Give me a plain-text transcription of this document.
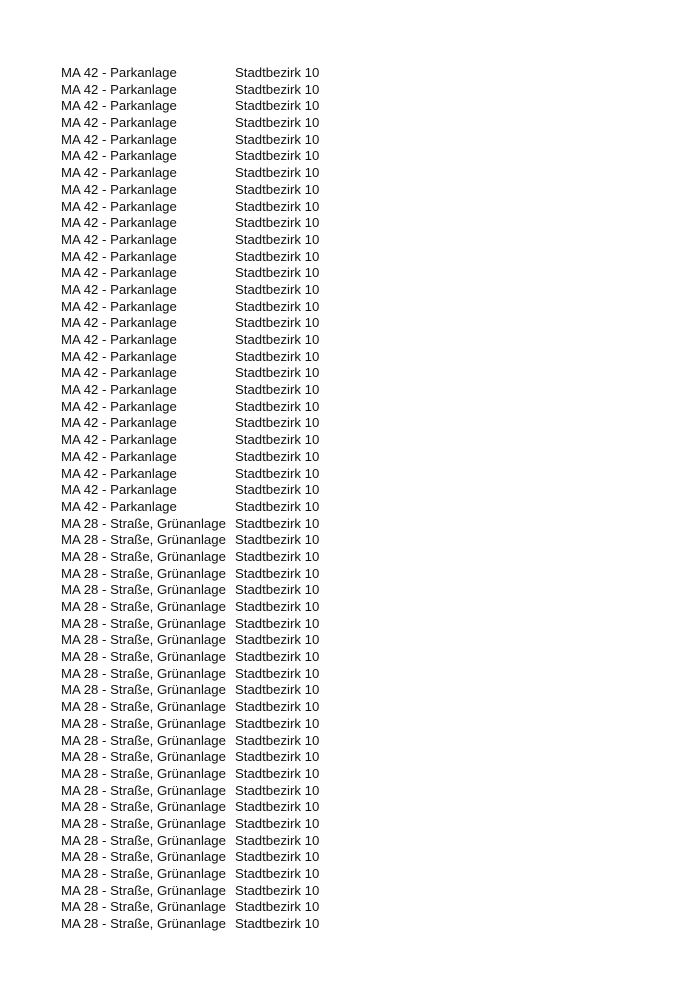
MA 42 - Parkanlage	Stadtbezirk 10
MA 42 - Parkanlage	Stadtbezirk 10
MA 42 - Parkanlage	Stadtbezirk 10
MA 42 - Parkanlage	Stadtbezirk 10
MA 42 - Parkanlage	Stadtbezirk 10
MA 42 - Parkanlage	Stadtbezirk 10
MA 42 - Parkanlage	Stadtbezirk 10
MA 42 - Parkanlage	Stadtbezirk 10
MA 42 - Parkanlage	Stadtbezirk 10
MA 42 - Parkanlage	Stadtbezirk 10
MA 42 - Parkanlage	Stadtbezirk 10
MA 42 - Parkanlage	Stadtbezirk 10
MA 42 - Parkanlage	Stadtbezirk 10
MA 42 - Parkanlage	Stadtbezirk 10
MA 42 - Parkanlage	Stadtbezirk 10
MA 42 - Parkanlage	Stadtbezirk 10
MA 42 - Parkanlage	Stadtbezirk 10
MA 42 - Parkanlage	Stadtbezirk 10
MA 42 - Parkanlage	Stadtbezirk 10
MA 42 - Parkanlage	Stadtbezirk 10
MA 42 - Parkanlage	Stadtbezirk 10
MA 42 - Parkanlage	Stadtbezirk 10
MA 42 - Parkanlage	Stadtbezirk 10
MA 42 - Parkanlage	Stadtbezirk 10
MA 42 - Parkanlage	Stadtbezirk 10
MA 42 - Parkanlage	Stadtbezirk 10
MA 42 - Parkanlage	Stadtbezirk 10
MA 28 - Straße, Grünanlage Stadtbezirk 10
MA 28 - Straße, Grünanlage Stadtbezirk 10
MA 28 - Straße, Grünanlage Stadtbezirk 10
MA 28 - Straße, Grünanlage Stadtbezirk 10
MA 28 - Straße, Grünanlage Stadtbezirk 10
MA 28 - Straße, Grünanlage Stadtbezirk 10
MA 28 - Straße, Grünanlage Stadtbezirk 10
MA 28 - Straße, Grünanlage Stadtbezirk 10
MA 28 - Straße, Grünanlage Stadtbezirk 10
MA 28 - Straße, Grünanlage Stadtbezirk 10
MA 28 - Straße, Grünanlage Stadtbezirk 10
MA 28 - Straße, Grünanlage Stadtbezirk 10
MA 28 - Straße, Grünanlage Stadtbezirk 10
MA 28 - Straße, Grünanlage Stadtbezirk 10
MA 28 - Straße, Grünanlage Stadtbezirk 10
MA 28 - Straße, Grünanlage Stadtbezirk 10
MA 28 - Straße, Grünanlage Stadtbezirk 10
MA 28 - Straße, Grünanlage Stadtbezirk 10
MA 28 - Straße, Grünanlage Stadtbezirk 10
MA 28 - Straße, Grünanlage Stadtbezirk 10
MA 28 - Straße, Grünanlage Stadtbezirk 10
MA 28 - Straße, Grünanlage Stadtbezirk 10
MA 28 - Straße, Grünanlage Stadtbezirk 10
MA 28 - Straße, Grünanlage Stadtbezirk 10
MA 28 - Straße, Grünanlage Stadtbezirk 10
